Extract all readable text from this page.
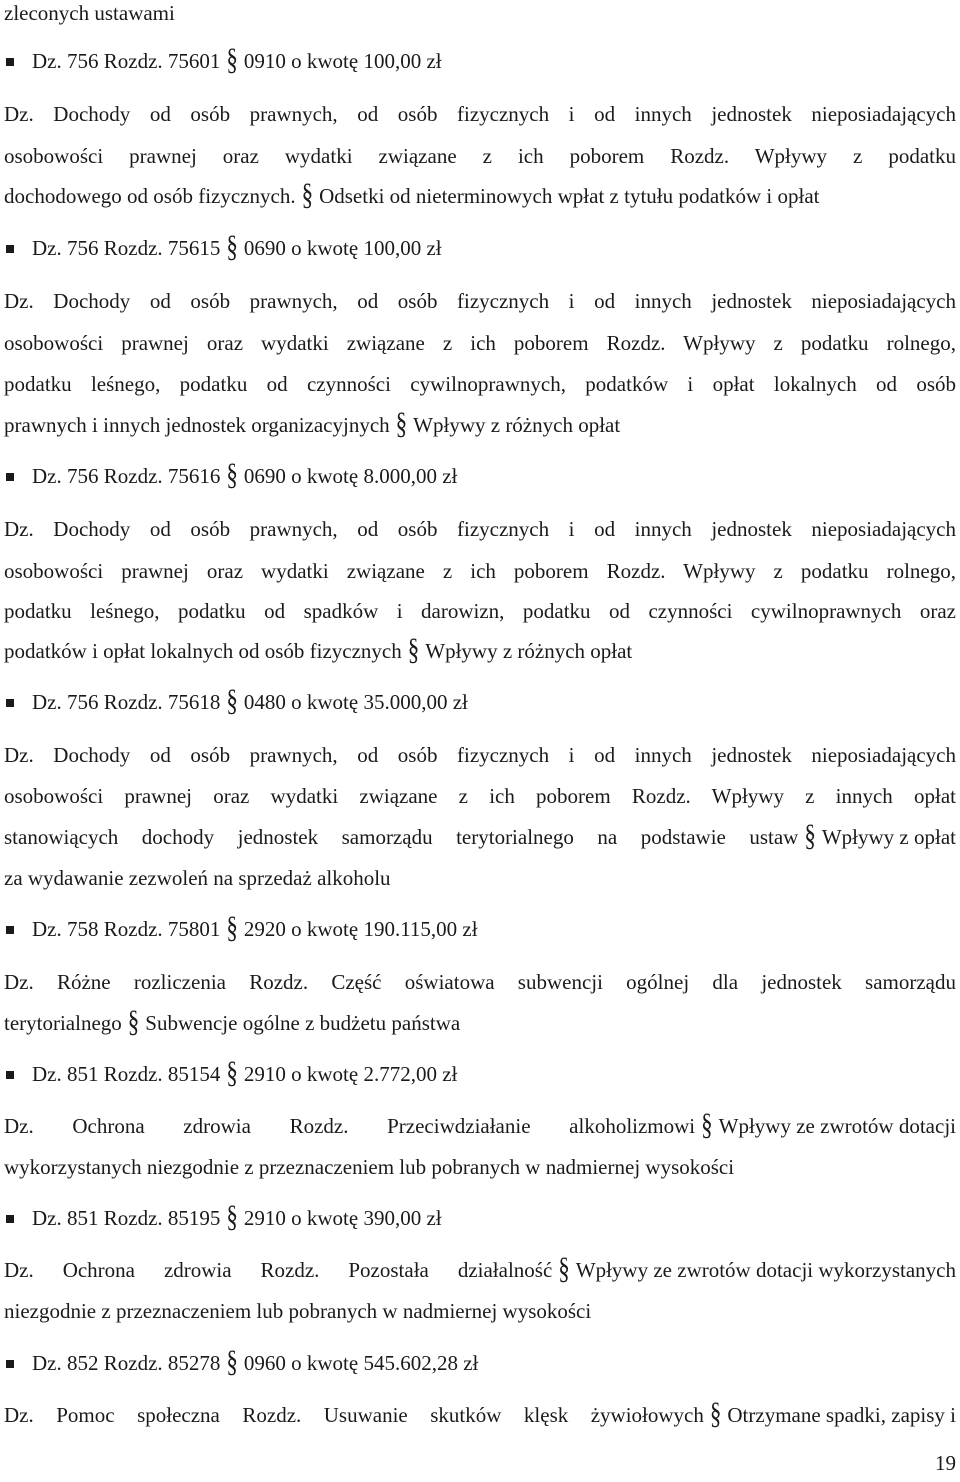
zleconych ustawami
Dz. 756 Rozdz. 75601 § 0910 o kwotę 100,00 zł
Dz. Dochody od osób prawnych, od osób fizycznych i od innych jednostek nieposiadających
osobowości prawnej oraz wydatki związane z ich poborem Rozdz. Wpływy z podatku
dochodowego od osób fizycznych. § Odsetki od nieterminowych wpłat z tytułu podatków i opłat
Dz. 756 Rozdz. 75615 § 0690 o kwotę 100,00 zł
Dz. Dochody od osób prawnych, od osób fizycznych i od innych jednostek nieposiadających
osobowości prawnej oraz wydatki związane z ich poborem Rozdz. Wpływy z podatku rolnego,
podatku leśnego, podatku od czynności cywilnoprawnych, podatków i opłat lokalnych od osób
prawnych i innych jednostek organizacyjnych § Wpływy z różnych opłat
Dz. 756 Rozdz. 75616 § 0690 o kwotę 8.000,00 zł
Dz. Dochody od osób prawnych, od osób fizycznych i od innych jednostek nieposiadających
osobowości prawnej oraz wydatki związane z ich poborem Rozdz. Wpływy z podatku rolnego,
podatku leśnego, podatku od spadków i darowizn, podatku od czynności cywilnoprawnych oraz
podatków i opłat lokalnych od osób fizycznych § Wpływy z różnych opłat
Dz. 756 Rozdz. 75618 § 0480 o kwotę 35.000,00 zł
Dz. Dochody od osób prawnych, od osób fizycznych i od innych jednostek nieposiadających
osobowości prawnej oraz wydatki związane z ich poborem Rozdz. Wpływy z innych opłat
stanowiących dochody jednostek samorządu terytorialnego na podstawie ustaw § Wpływy z opłat
za wydawanie zezwoleń na sprzedaż alkoholu
Dz. 758 Rozdz. 75801 § 2920 o kwotę 190.115,00 zł
Dz. Różne rozliczenia Rozdz. Część oświatowa subwencji ogólnej dla jednostek samorządu
terytorialnego § Subwencje ogólne z budżetu państwa
Dz. 851 Rozdz. 85154 § 2910 o kwotę 2.772,00 zł
Dz. Ochrona zdrowia Rozdz. Przeciwdziałanie alkoholizmowi § Wpływy ze zwrotów dotacji
wykorzystanych niezgodnie z przeznaczeniem lub pobranych w nadmiernej wysokości
Dz. 851 Rozdz. 85195 § 2910 o kwotę 390,00 zł
Dz. Ochrona zdrowia Rozdz. Pozostała działalność § Wpływy ze zwrotów dotacji wykorzystanych
niezgodnie z przeznaczeniem lub pobranych w nadmiernej wysokości
Dz. 852 Rozdz. 85278 § 0960 o kwotę 545.602,28 zł
Dz. Pomoc społeczna Rozdz. Usuwanie skutków klęsk żywiołowych § Otrzymane spadki, zapisy i
19
